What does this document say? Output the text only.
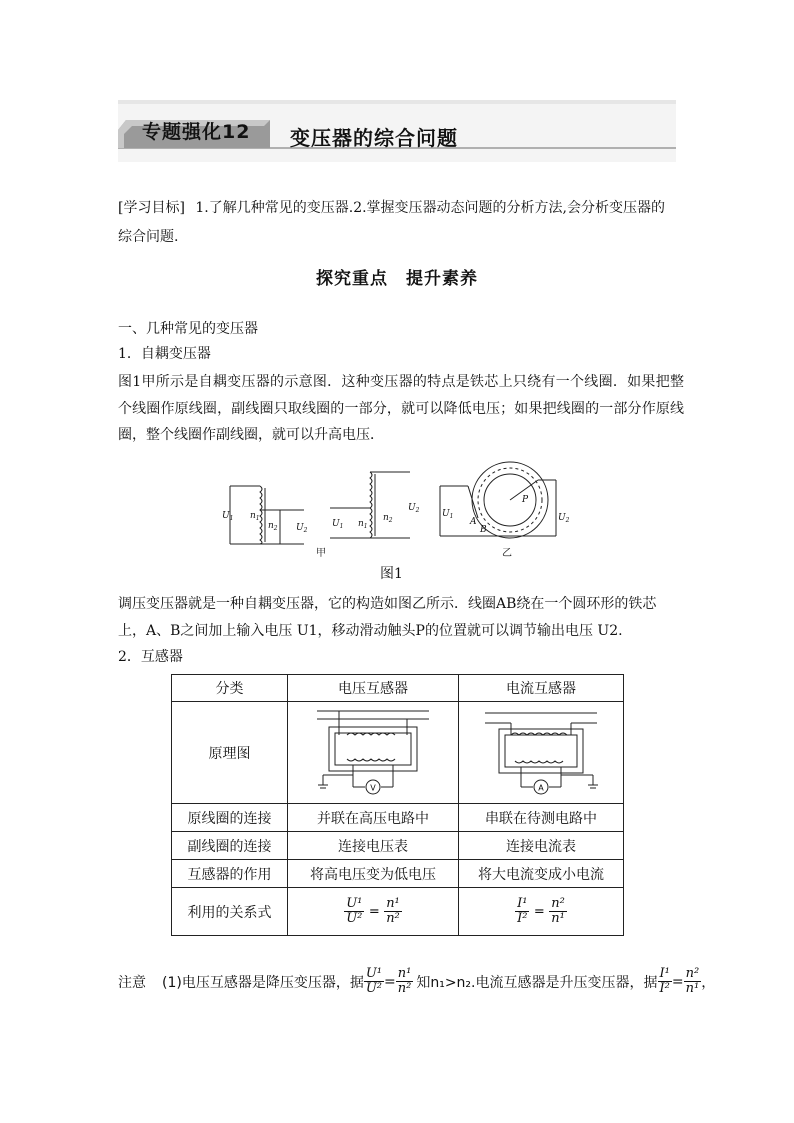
专题强化12 变压器的综合问题
[学习目标] 1.了解几种常见的变压器.2.掌握变压器动态问题的分析方法,会分析变压器的综合问题.
探究重点　提升素养
一、几种常见的变压器
1．自耦变压器
图1甲所示是自耦变压器的示意图．这种变压器的特点是铁芯上只绕有一个线圈．如果把整个线圈作原线圈，副线圈只取线圈的一部分，就可以降低电压；如果把线圈的一部分作原线圈，整个线圈作副线圈，就可以升高电压．
$U_1$ $n_1$
$n_2$ $U_2$
$U_1$ $n_1$
$n_2$
$U_2$	$U_1$
A
B
P
$U_2$
甲	乙
图1
调压变压器就是一种自耦变压器，它的构造如图乙所示．线圈AB绕在一个圆环形的铁芯上，A、B之间加上输入电压 U1，移动滑动触头P的位置就可以调节输出电压 U2.
2．互感器
分类	电压互感器	电流互感器
原理图	V	A

原线圈的连接	并联在高压电路中	串联在待测电路中
副线圈的连接	连接电压表	连接电流表
互感器的作用	将高电压变为低电压	将大电流变成小电流
利用的关系式	$\frac{\text{U¹}}{\text{U²}} = \frac{\text{n¹}}{\text{n²}}$	$\frac{\text{I¹}}{\text{I²}} = \frac{\text{n²}}{\text{n¹}}$
注意 (1)电压互感器是降压变压器，据 $\frac{\text{U¹}}{\text{U²}} = \frac{\text{n¹}}{\text{n²}}$ 知n₁>n₂.电流互感器是升压变压器，据 $\frac{\text{I¹}}{\text{I²}} = \frac{\text{n²}}{\text{n¹}}$ ，
